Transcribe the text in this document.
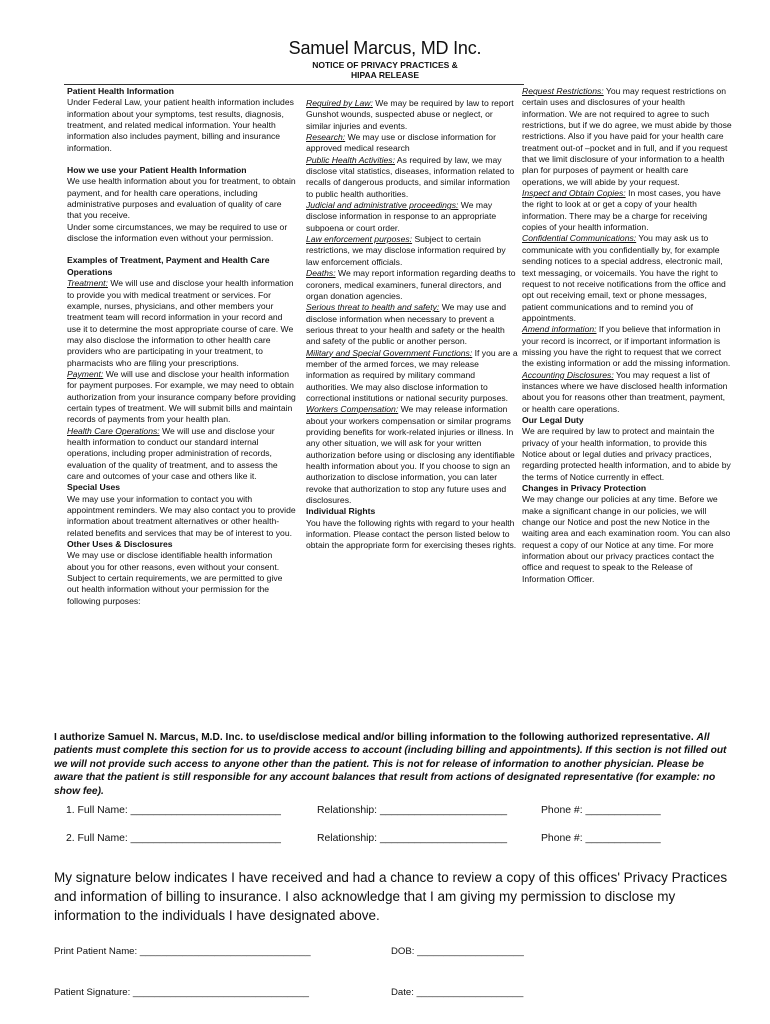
Samuel Marcus, MD Inc.
NOTICE OF PRIVACY PRACTICES &
HIPAA RELEASE

Patient Health Information
Under Federal Law, your patient health information includes information about your symptoms, test results, diagnosis, treatment, and related medical information. Your health information also includes payment, billing and insurance information.

How we use your Patient Health Information
We use health information about you for treatment, to obtain payment, and for health care operations, including administrative purposes and evaluation of quality of care that you receive.

Under some circumstances, we may be required to use or disclose the information even without your permission.

Examples of Treatment, Payment and Health Care Operations
Treatment: We will use and disclose your health information to provide you with medical treatment or services. For example, nurses, physicians, and other members your treatment team will record information in your record and use it to determine the most appropriate course of care. We may also disclose the information to other health care providers who are participating in your treatment, to pharmacists who are filing your prescriptions.

Payment: We will use and disclose your health information for payment purposes. For example, we may need to obtain authorization from your insurance company before providing certain types of treatment. We will submit bills and maintain records of payments from your health plan.

Health Care Operations: We will use and disclose your health information to conduct our standard internal operations, including proper administration of records, evaluation of the quality of treatment, and to assess the care and outcomes of your case and others like it.

Special Uses
We may use your information to contact you with appointment reminders. We may also contact you to provide information about treatment alternatives or other health-related benefits and services that may be of interest to you.

Other Uses & Disclosures
We may use or disclose identifiable health information about you for other reasons, even without your consent. Subject to certain requirements, we are permitted to give out health information without your permission for the following purposes:

Required by Law: We may be required by law to report Gunshot wounds, suspected abuse or neglect, or similar injuries and events.

Research: We may use or disclose information for approved medical research

Public Health Activities: As required by law, we may disclose vital statistics, diseases, information related to recalls of dangerous products, and similar information to public health authorities.

Judicial and administrative proceedings: We may disclose information in response to an appropriate subpoena or court order.

Law enforcement purposes: Subject to certain restrictions, we may disclose information required by law enforcement officials.

Deaths: We may report information regarding deaths to coroners, medical examiners, funeral directors, and organ donation agencies.

Serious threat to health and safety: We may use and disclose information when necessary to prevent a serious threat to your health and safety or the health and safety of the public or another person.

Military and Special Government Functions: If you are a member of the armed forces, we may release information as required by military command authorities. We may also disclose information to correctional institutions or national security purposes.

Workers Compensation: We may release information about your workers compensation or similar programs providing benefits for work-related injuries or illness. In any other situation, we will ask for your written authorization before using or disclosing any identifiable health information about you. If you choose to sign an authorization to disclose information, you can later revoke that authorization to stop any future uses and disclosures.

Individual Rights
You have the following rights with regard to your health information. Please contact the person listed below to obtain the appropriate form for exercising theses rights.

Request Restrictions: You may request restrictions on certain uses and disclosures of your health information. We are not required to agree to such restrictions, but if we do agree, we must abide by those restrictions. Also if you have paid for your health care treatment out-of –pocket and in full, and if you request that we limit disclosure of your information to a health plan for purposes of payment or health care operations, we will abide by your request.

Inspect and Obtain Copies: In most cases, you have the right to look at or get a copy of your health information. There may be a charge for receiving copies of your health information.

Confidential Communications: You may ask us to communicate with you confidentially by, for example sending notices to a special address, electronic mail, text messaging, or voicemails. You have the right to request to not receive notifications from the office and opt out receiving email, text or phone messages, patient communications and to remind you of appointments.

Amend information: If you believe that information in your record is incorrect, or if important information is missing you have the right to request that we correct the existing information or add the missing information.

Accounting Disclosures: You may request a list of instances where we have disclosed health information about you for reasons other than treatment, payment, or health care operations.

Our Legal Duty
We are required by law to protect and maintain the privacy of your health information, to provide this Notice about or legal duties and privacy practices, regarding protected health information, and to abide by the terms of Notice currently in effect.

Changes in Privacy Protection
We may change our policies at any time. Before we make a significant change in our policies, we will change our Notice and post the new Notice in the waiting area and each examination room. You can also request a copy of our Notice at any time. For more information about our privacy practices contact the office and request to speak to the Release of Information Officer.

I authorize Samuel N. Marcus, M.D. Inc. to use/disclose medical and/or billing information to the following authorized representative. All patients must complete this section for us to provide access to account (including billing and appointments). If this section is not filled out we will not provide such access to anyone other than the patient. This is not for release of information to another physician. Please be aware that the patient is still responsible for any account balances that result from actions of designated representative (for example: no show fee).
1. Full Name: __________________________	Relationship: ______________________	Phone #: _____________
2. Full Name: __________________________	Relationship: ______________________	Phone #: _____________
My signature below indicates I have received and had a chance to review a copy of this offices' Privacy Practices and information of billing to insurance. I also acknowledge that I am giving my permission to disclose my information to the individuals I have designated above.
Print Patient Name: ________________________________	DOB: ____________________
Patient Signature: _________________________________	Date: ____________________
